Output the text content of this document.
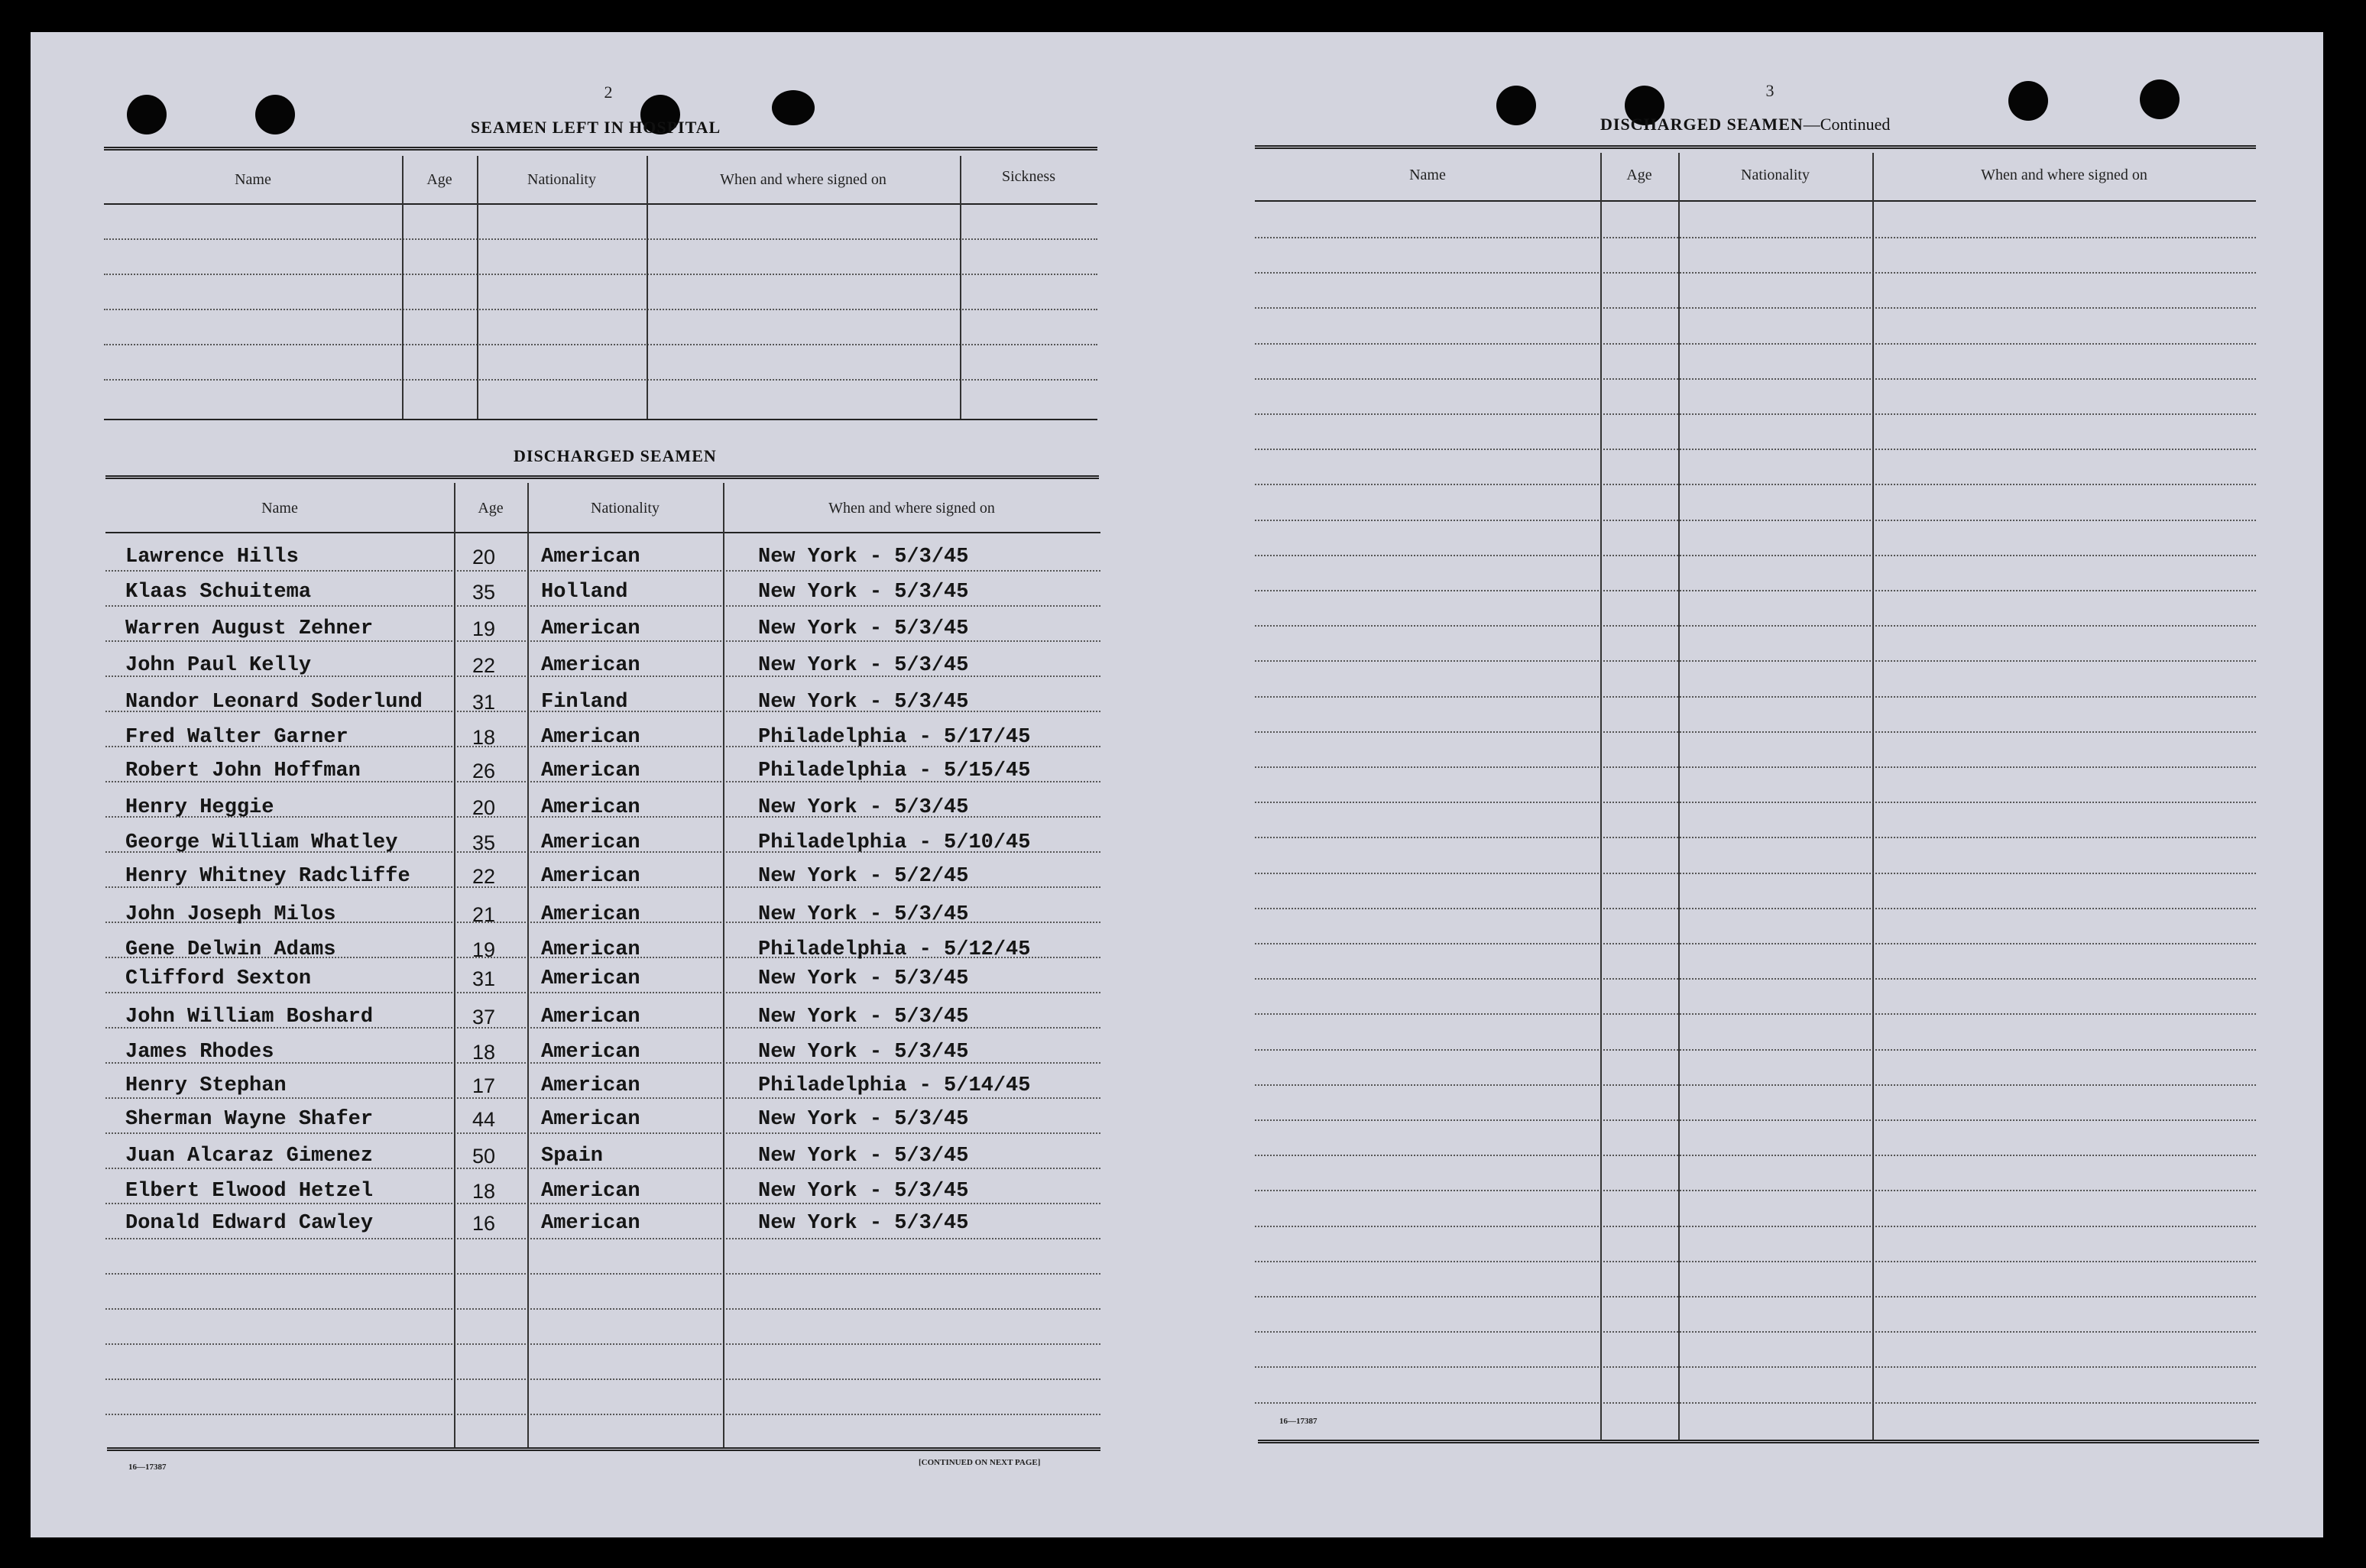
2
SEAMEN LEFT IN HOSPITAL
Name	Age	Nationality	When and where signed on	Sickness
DISCHARGED SEAMEN
Name	Age	Nationality	When and where signed on
Lawrence Hills	20 American	New York - 5/3/45
Klaas Schuitema	35 Holland	New York - 5/3/45
Warren August Zehner	19 American	New York - 5/3/45
John Paul Kelly	22 American	New York - 5/3/45
Nandor Leonard Soderlund 31 Finland	New York - 5/3/45
Fred Walter Garner	18 American	Philadelphia - 5/17/45
Robert John Hoffman	26 American	Philadelphia - 5/15/45
Henry Heggie	20 American	New York - 5/3/45
George William Whatley	35 American	Philadelphia - 5/10/45
Henry Whitney Radcliffe	22 American	New York - 5/2/45
John Joseph Milos	21 American	New York - 5/3/45
Gene Delwin Adams	19 American	Philadelphia - 5/12/45
Clifford Sexton	31 American	New York - 5/3/45
John William Boshard	37 American	New York - 5/3/45
James Rhodes	18 American	New York - 5/3/45
Henry Stephan	17 American	Philadelphia - 5/14/45
Sherman Wayne Shafer	44 American	New York - 5/3/45
Juan Alcaraz Gimenez	50 Spain	New York - 5/3/45
Elbert Elwood Hetzel	18 American	New York - 5/3/45
Donald Edward Cawley	16 American	New York - 5/3/45
16—17387	[CONTINUED ON NEXT PAGE]
3
DISCHARGED SEAMEN—Continued
Name	Age	Nationality	When and where signed on
16—17387
